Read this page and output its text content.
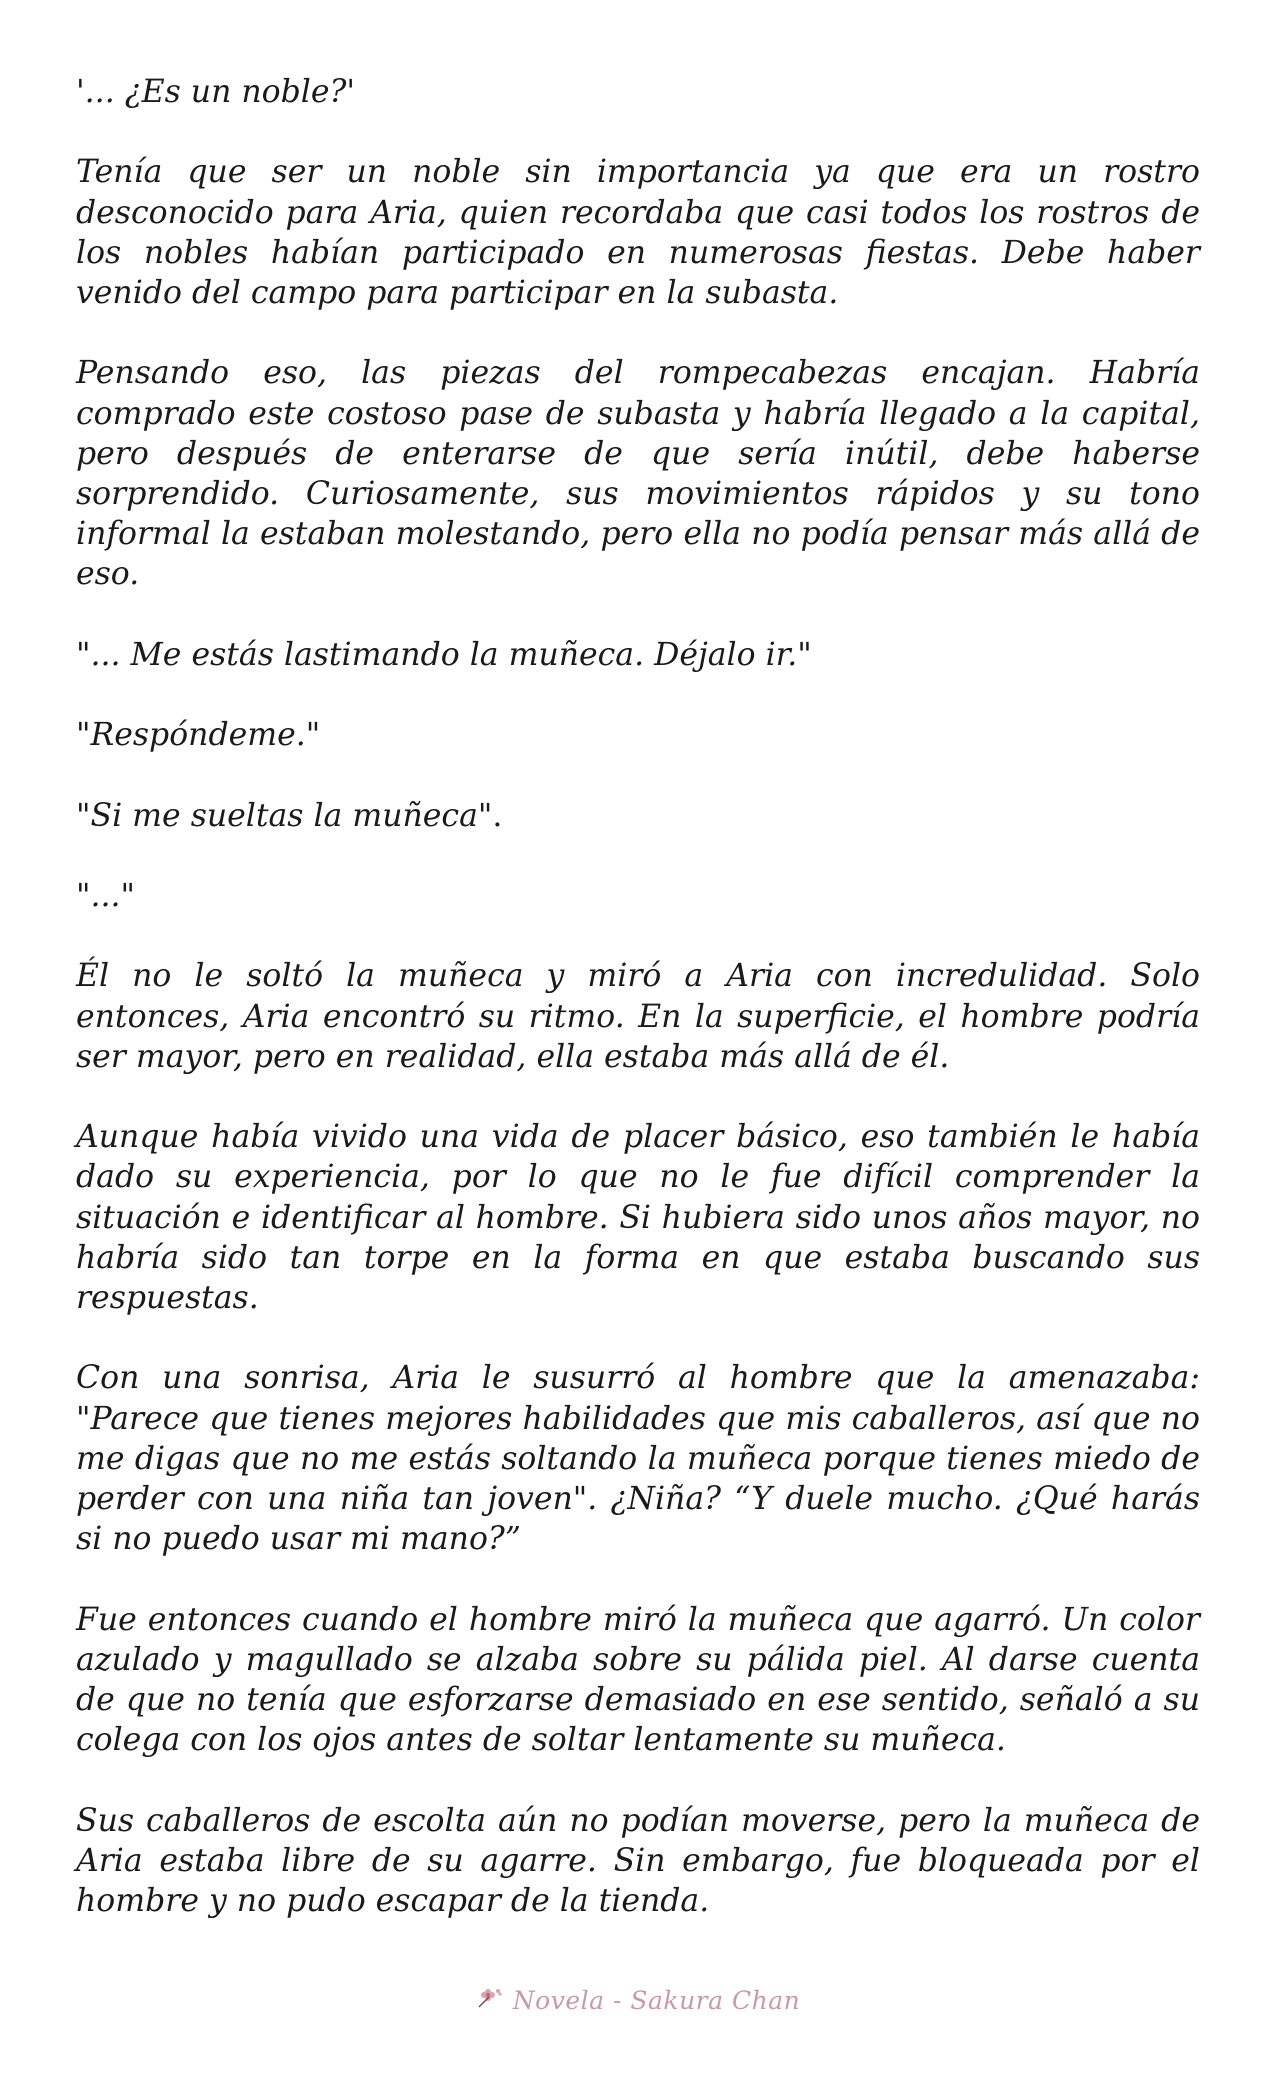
'... ¿Es un noble?'

Tenía que ser un noble sin importancia ya que era un rostro desconocido para Aria, quien recordaba que casi todos los rostros de los nobles habían participado en numerosas fiestas. Debe haber venido del campo para participar en la subasta.

Pensando eso, las piezas del rompecabezas encajan. Habría comprado este costoso pase de subasta y habría llegado a la capital, pero después de enterarse de que sería inútil, debe haberse sorprendido. Curiosamente, sus movimientos rápidos y su tono informal la estaban molestando, pero ella no podía pensar más allá de eso.

"... Me estás lastimando la muñeca. Déjalo ir."

"Respóndeme."

"Si me sueltas la muñeca".

"..."

Él no le soltó la muñeca y miró a Aria con incredulidad. Solo entonces, Aria encontró su ritmo. En la superficie, el hombre podría ser mayor, pero en realidad, ella estaba más allá de él.

Aunque había vivido una vida de placer básico, eso también le había dado su experiencia, por lo que no le fue difícil comprender la situación e identificar al hombre. Si hubiera sido unos años mayor, no habría sido tan torpe en la forma en que estaba buscando sus respuestas.

Con una sonrisa, Aria le susurró al hombre que la amenazaba: "Parece que tienes mejores habilidades que mis caballeros, así que no me digas que no me estás soltando la muñeca porque tienes miedo de perder con una niña tan joven". ¿Niña? “Y duele mucho. ¿Qué harás si no puedo usar mi mano?”

Fue entonces cuando el hombre miró la muñeca que agarró. Un color azulado y magullado se alzaba sobre su pálida piel. Al darse cuenta de que no tenía que esforzarse demasiado en ese sentido, señaló a su colega con los ojos antes de soltar lentamente su muñeca.

Sus caballeros de escolta aún no podían moverse, pero la muñeca de Aria estaba libre de su agarre. Sin embargo, fue bloqueada por el hombre y no pudo escapar de la tienda.

Novela - Sakura Chan
